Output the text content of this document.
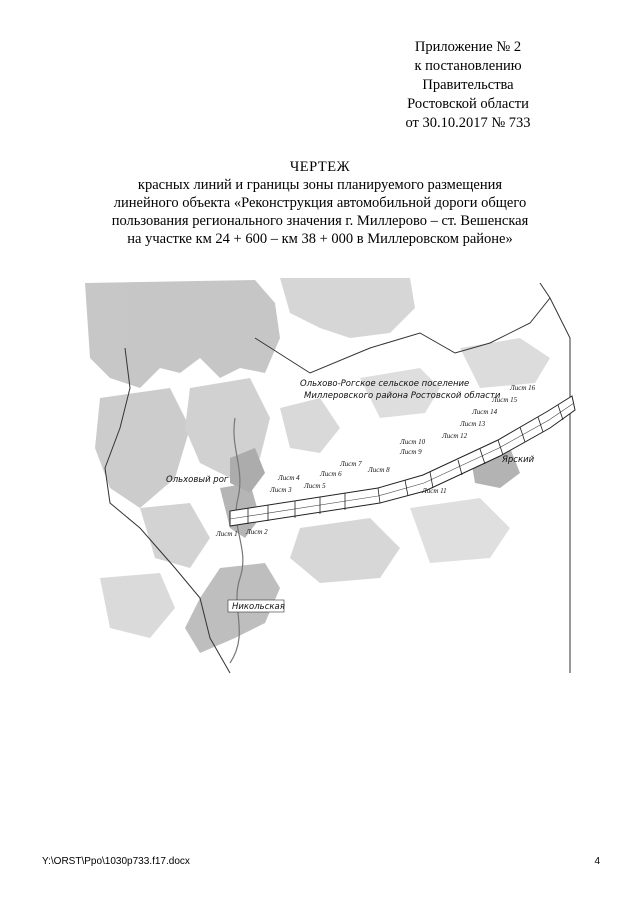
Приложение № 2
к постановлению
Правительства
Ростовской области
от 30.10.2017 № 733
ЧЕРТЕЖ
красных линий и границы зоны планируемого размещения
линейного объекта «Реконструкция автомобильной дороги общего
пользования регионального значения г. Миллерово – ст. Вешенская
на участке км 24 + 600 – км 38 + 000 в Миллеровском районе»
Ольхово-Рогское сельское поселение
Миллеровского района Ростовской области
Ольховый рог
Никольская
Ярский
Лист 1 Лист 2
Лист 3
Лист 4
Лист 5
Лист 6
Лист 7
Лист 8
Лист 9
Лист 10
Лист 11
Лист 12
Лист 13
Лист 14
Лист 15
Лист 16
Y:\ORST\Ppo\1030p733.f17.docx	4
